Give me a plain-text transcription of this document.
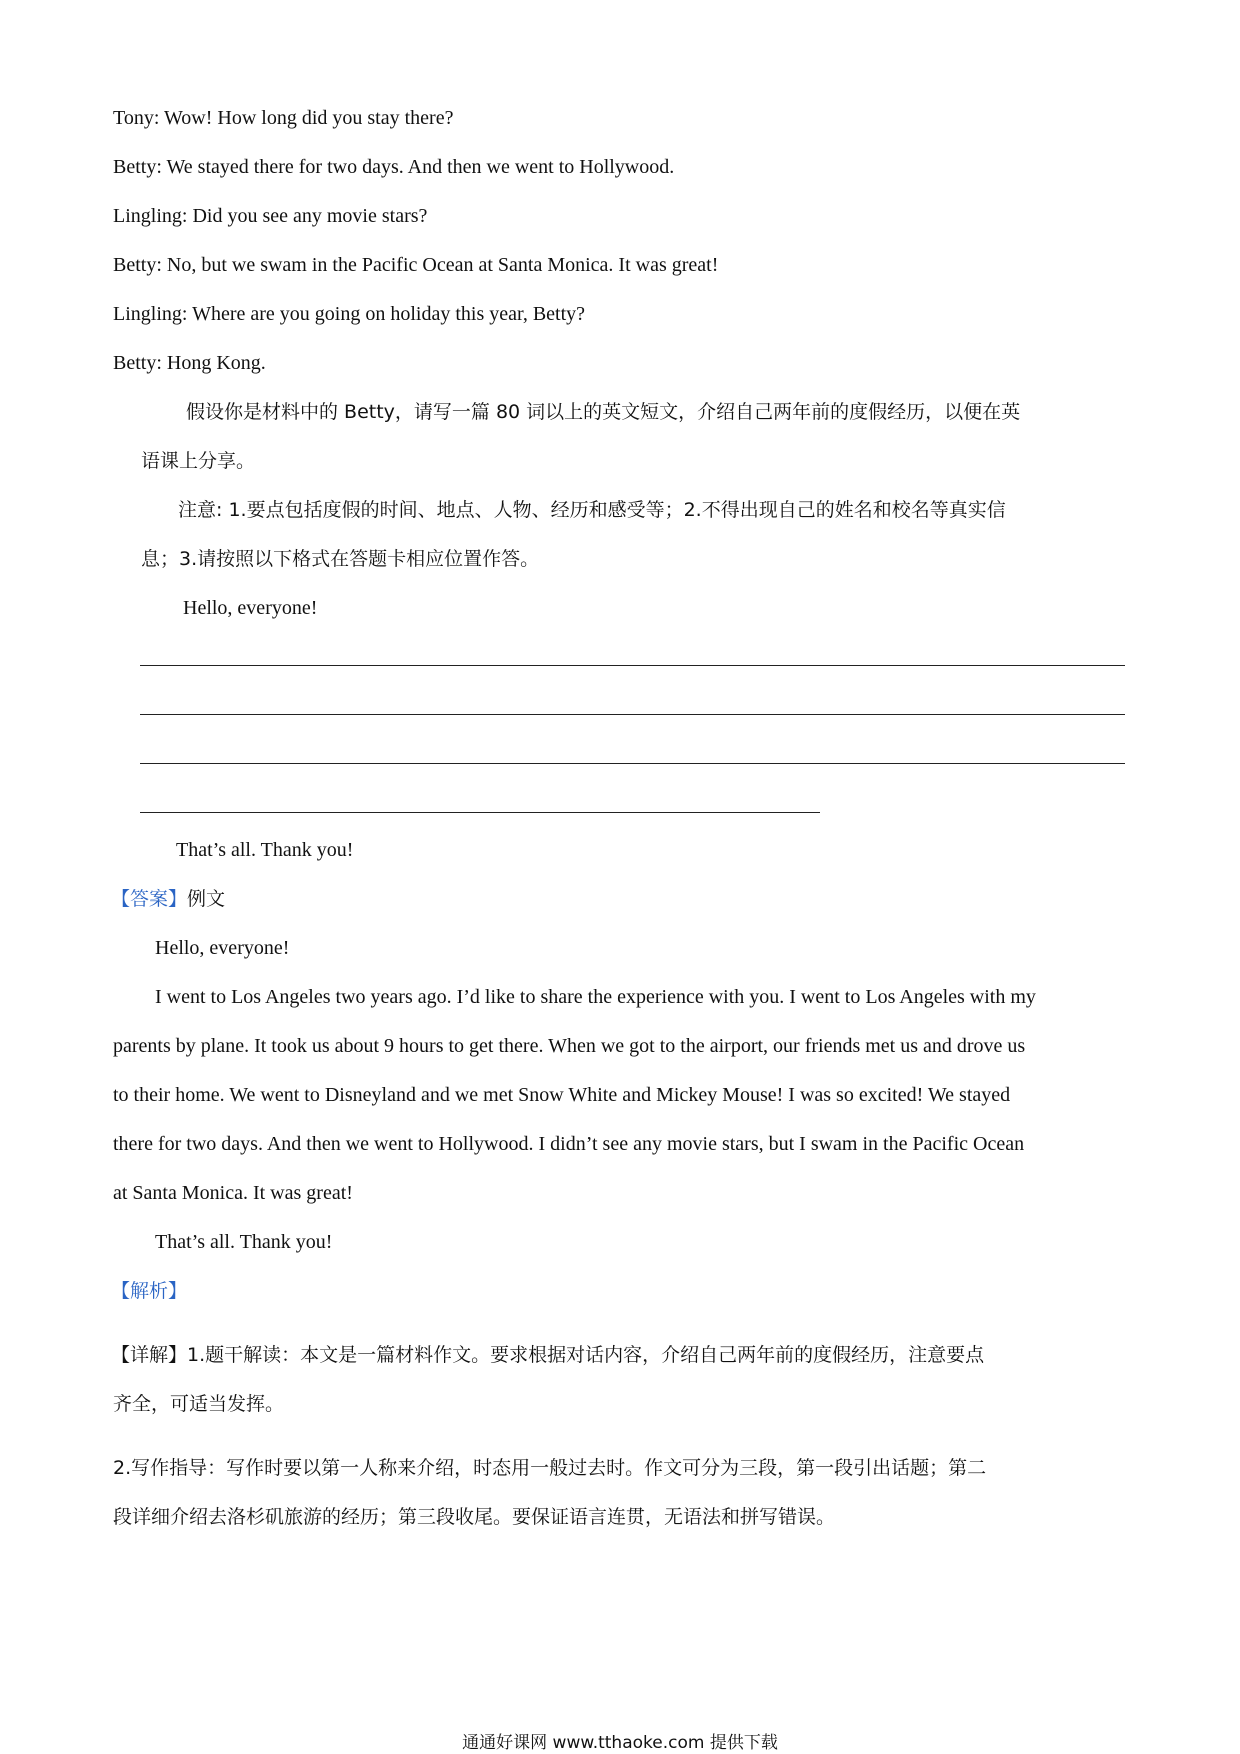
Tony: Wow! How long did you stay there?
Betty: We stayed there for two days. And then we went to Hollywood.
Lingling: Did you see any movie stars?
Betty: No, but we swam in the Pacific Ocean at Santa Monica. It was great!
Lingling: Where are you going on holiday this year, Betty?
Betty: Hong Kong.
假设你是材料中的 Betty，请写一篇 80 词以上的英文短文，介绍自己两年前的度假经历，以便在英
语课上分享。
注意: 1.要点包括度假的时间、地点、人物、经历和感受等；2.不得出现自己的姓名和校名等真实信
息；3.请按照以下格式在答题卡相应位置作答。
Hello, everyone!
That’s all. Thank you!
【答案】例文
Hello, everyone!
I went to Los Angeles two years ago. I’d like to share the experience with you. I went to Los Angeles with my
parents by plane. It took us about 9 hours to get there. When we got to the airport, our friends met us and drove us
to their home. We went to Disneyland and we met Snow White and Mickey Mouse! I was so excited! We stayed
there for two days. And then we went to Hollywood. I didn’t see any movie stars, but I swam in the Pacific Ocean
at Santa Monica. It was great!
That’s all. Thank you!
【解析】
【详解】1.题干解读：本文是一篇材料作文。要求根据对话内容，介绍自己两年前的度假经历，注意要点
齐全，可适当发挥。
2.写作指导：写作时要以第一人称来介绍，时态用一般过去时。作文可分为三段，第一段引出话题；第二
段详细介绍去洛杉矶旅游的经历；第三段收尾。要保证语言连贯，无语法和拼写错误。
通通好课网 www.tthaoke.com 提供下载
